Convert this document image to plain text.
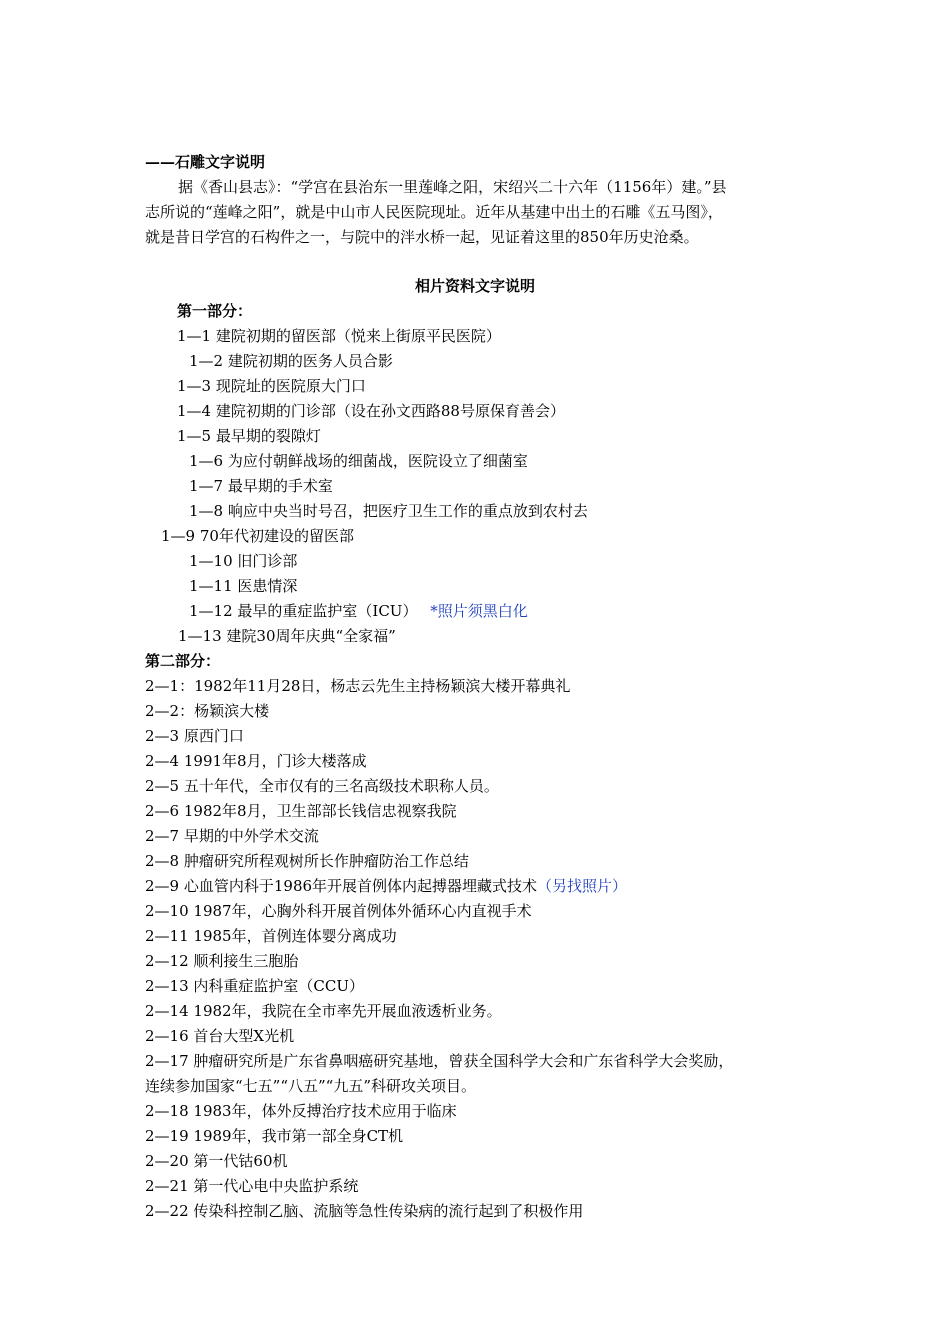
——石雕文字说明
据《香山县志》：“学宫在县治东一里莲峰之阳，宋绍兴二十六年（1156年）建。”县
志所说的“莲峰之阳”，就是中山市人民医院现址。近年从基建中出土的石雕《五马图》，
就是昔日学宫的石构件之一，与院中的泮水桥一起，见证着这里的850年历史沧桑。
相片资料文字说明
第一部分：
1—1 建院初期的留医部（悦来上街原平民医院）
1—2 建院初期的医务人员合影
1—3 现院址的医院原大门口
1—4 建院初期的门诊部（设在孙文西路88号原保育善会）
1—5 最早期的裂隙灯
1—6 为应付朝鲜战场的细菌战，医院设立了细菌室
1—7 最早期的手术室
1—8 响应中央当时号召，把医疗卫生工作的重点放到农村去
1—9 70年代初建设的留医部
1—10 旧门诊部
1—11 医患情深
1—12 最早的重症监护室（ICU） *照片须黑白化
1—13 建院30周年庆典“全家福”
第二部分：
2—1：1982年11月28日，杨志云先生主持杨颖滨大楼开幕典礼
2—2：杨颖滨大楼
2—3 原西门口
2—4 1991年8月，门诊大楼落成
2—5 五十年代，全市仅有的三名高级技术职称人员。
2—6 1982年8月，卫生部部长钱信忠视察我院
2—7 早期的中外学术交流
2—8 肿瘤研究所程观树所长作肿瘤防治工作总结
2—9 心血管内科于1986年开展首例体内起搏器埋藏式技术（另找照片）
2—10 1987年，心胸外科开展首例体外循环心内直视手术
2—11 1985年，首例连体婴分离成功
2—12 顺利接生三胞胎
2—13 内科重症监护室（CCU）
2—14 1982年，我院在全市率先开展血液透析业务。
2—16 首台大型X光机
2—17 肿瘤研究所是广东省鼻咽癌研究基地，曾获全国科学大会和广东省科学大会奖励，
连续参加国家“七五”“八五”“九五”科研攻关项目。
2—18 1983年，体外反搏治疗技术应用于临床
2—19 1989年，我市第一部全身CT机
2—20 第一代钴60机
2—21 第一代心电中央监护系统
2—22 传染科控制乙脑、流脑等急性传染病的流行起到了积极作用
